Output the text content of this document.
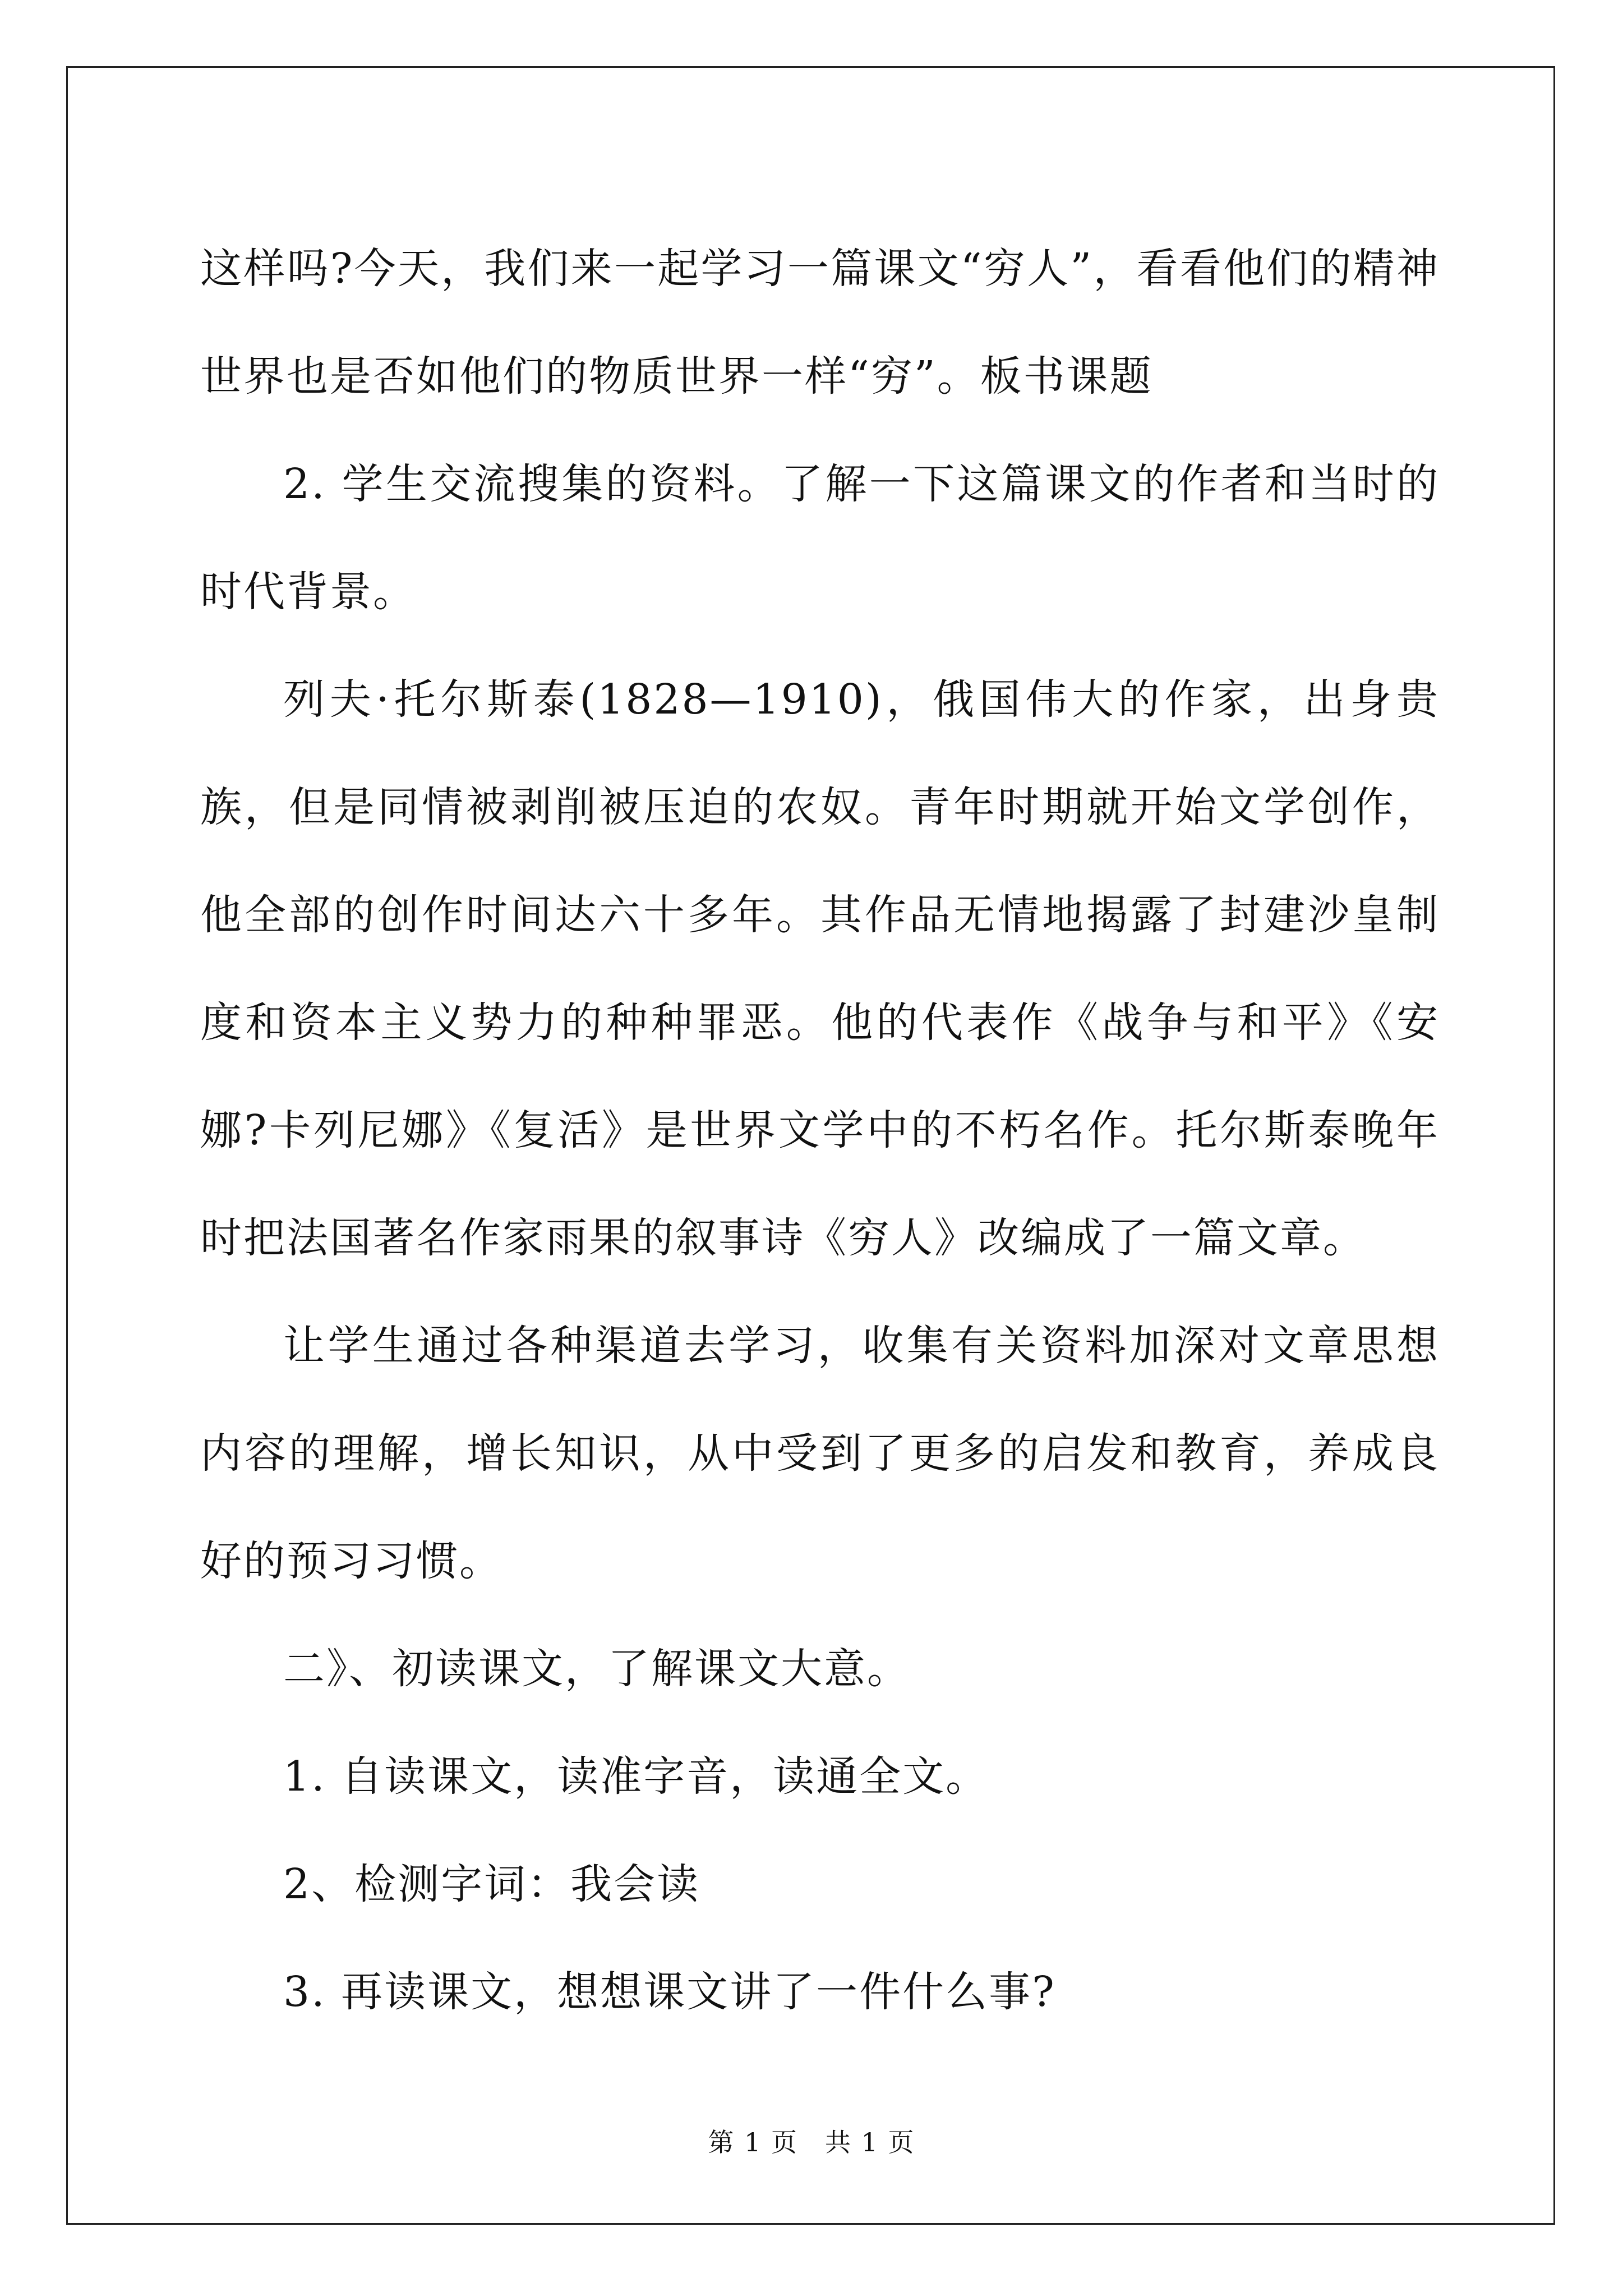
这样吗?今天，我们来一起学习一篇课文“穷人”，看看他们的精神世界也是否如他们的物质世界一样“穷”。板书课题

2. 学生交流搜集的资料。了解一下这篇课文的作者和当时的时代背景。

列夫·托尔斯泰(1828—1910)，俄国伟大的作家，出身贵族，但是同情被剥削被压迫的农奴。青年时期就开始文学创作，他全部的创作时间达六十多年。其作品无情地揭露了封建沙皇制度和资本主义势力的种种罪恶。他的代表作《战争与和平》《安娜?卡列尼娜》《复活》是世界文学中的不朽名作。托尔斯泰晚年时把法国著名作家雨果的叙事诗《穷人》改编成了一篇文章。

让学生通过各种渠道去学习，收集有关资料加深对文章思想内容的理解，增长知识，从中受到了更多的启发和教育，养成良好的预习习惯。

二》、初读课文，了解课文大意。

1. 自读课文，读准字音，读通全文。

2、检测字词：我会读

3. 再读课文，想想课文讲了一件什么事?

第 1 页　共 1 页
